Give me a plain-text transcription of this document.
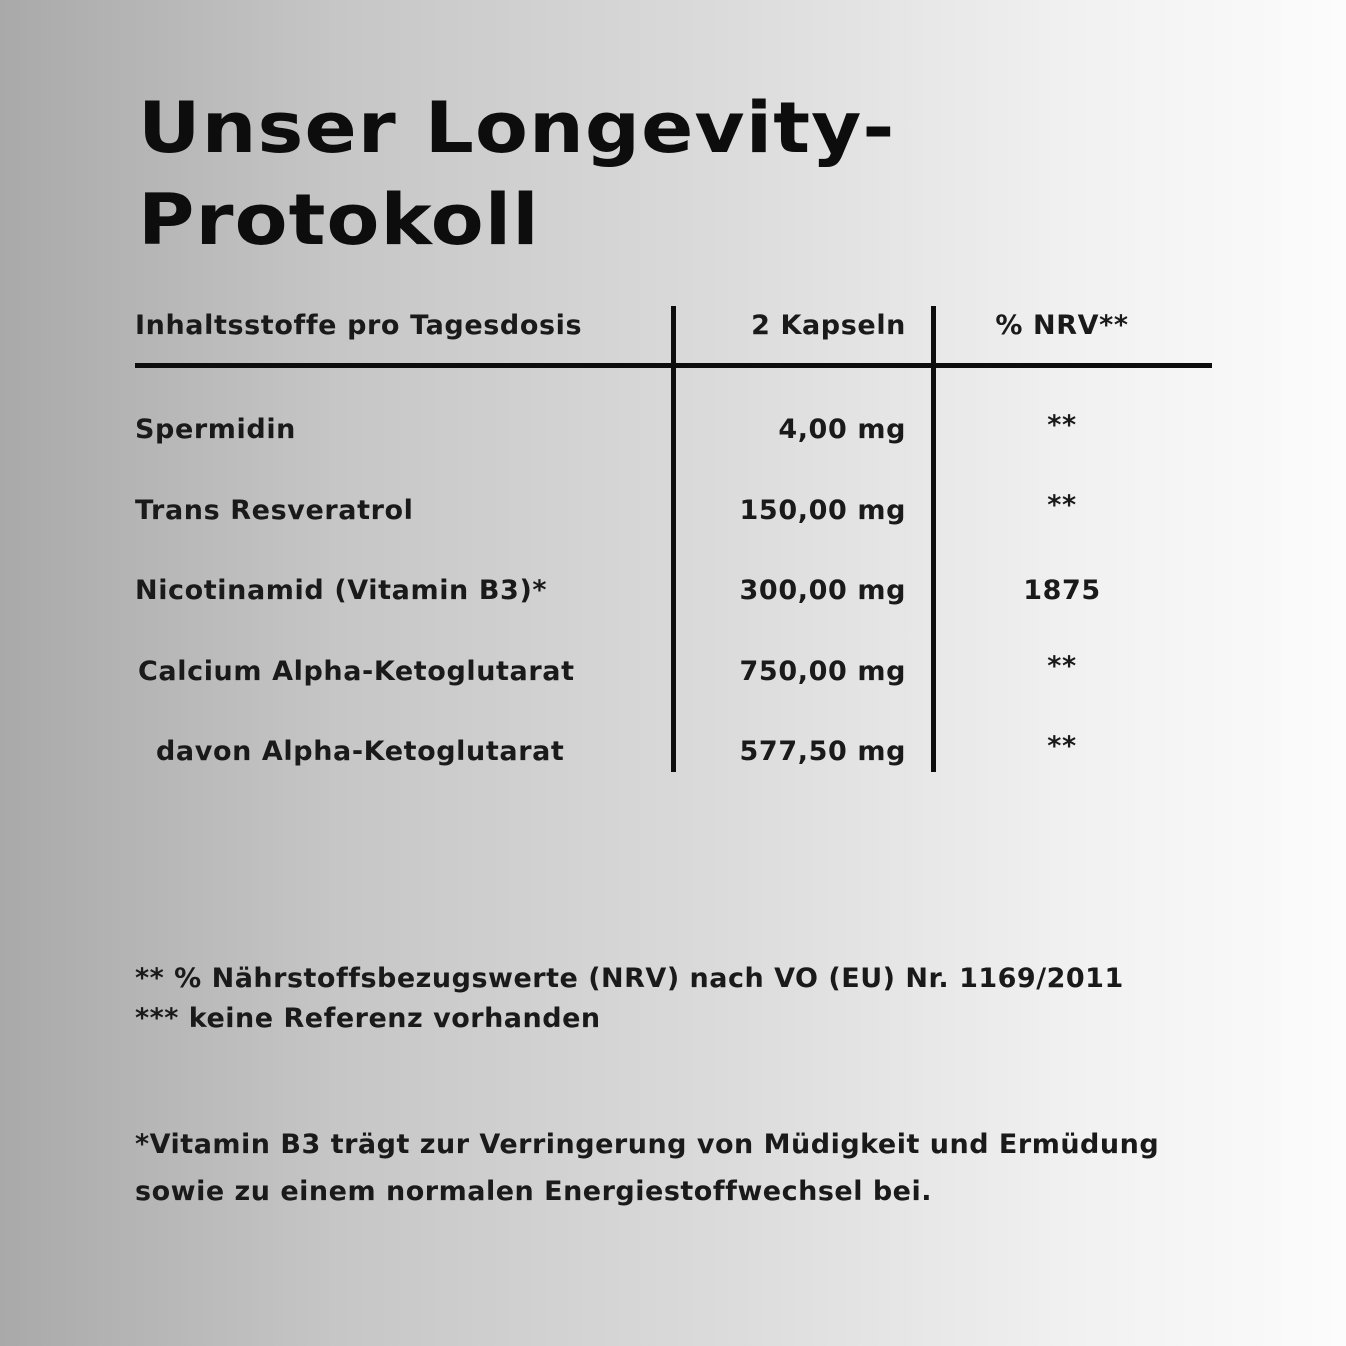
Unser Longevity-
Protokoll
Inhaltsstoffe pro Tagesdosis	2 Kapseln	% NRV**
Spermidin	4,00 mg	**
Trans Resveratrol	150,00 mg	**
Nicotinamid (Vitamin B3)*	300,00 mg	1875
Calcium Alpha-Ketoglutarat	750,00 mg	**
davon Alpha-Ketoglutarat	577,50 mg	**
** % Nährstoffsbezugswerte (NRV) nach VO (EU) Nr. 1169/2011
*** keine Referenz vorhanden
*Vitamin B3 trägt zur Verringerung von Müdigkeit und Ermüdung
sowie zu einem normalen Energiestoffwechsel bei.
